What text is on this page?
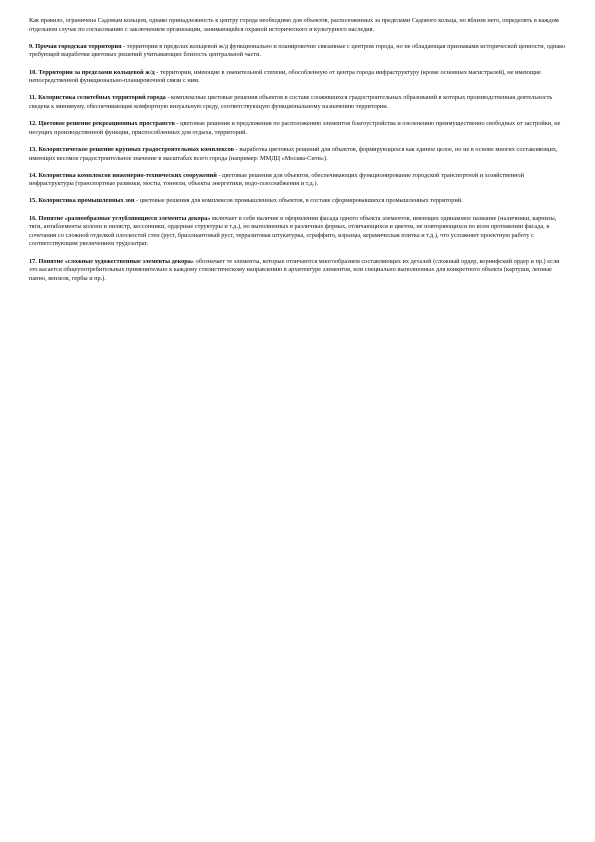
Как правило, ограничена Садовым кольцом, однако принадлежность к центру города необходимо для объектов, расположенных за пределами Садового кольца, но вблизи него, определять в каждом отдельном случае по согласованию с заключением организации, занимающейся охраной исторического и культурного наследия.

9. Прочая городская территория - территории в пределах кольцевой ж/д функционально и планировочно связанные с центром города, но не обладающая признаками исторической ценности, однако требующей выработки цветовых решений учитывающих близость центральной части.

10. Территории за пределами кольцевой ж/д - территории, имеющие в значительной степени, обособленную от центра города инфраструктуру (кроме основных магистралей), не имеющие непосредственной функционально-планировочной связи с ним.

11. Колористика селитебных территорий города - комплексные цветовые решения объектов в составе сложившихся градостроительных образований в которых производственная деятельность сведена к минимуму, обеспечивающие комфортную визуальную среду, соответствующую функциональному назначению территории.

12. Цветовое решение рекреационных пространств - цветовые решения и предложения по расположению элементов благоустройства и озеленению преимущественно свободных от застройки, не несущих производственной функции, приспособленных для отдыха, территорий.

13. Колористическое решение крупных градостроительных комплексов - выработка цветовых решений для объектов, формирующихся как единое целое, но не в основе многих составляющих, имеющих весомое градостроительное значение в масштабах всего города (например: ММДЦ «Москва-Сити»).

14. Колористика комплексов инженерно-технических сооружений - цветовые решения для объектов, обеспечивающих функционирование городской транспортной и хозяйственной инфраструктуры (транспортные развязки, мосты, тоннели, объекты энергетики, водо-газоснабжения и т.д.).

15. Колористика промышленных зон - цветовые решения для комплексов промышленных объектов, в составе сформировавшихся промышленных территорий.

16. Понятие «разнообразные углубляющиеся элементы декора» включает в себя наличие в оформлении фасада одного объекта элементов, имеющих одинаковое название (наличники, карнизы, тяги, антаблементы колонн и пилястр, кессонники, ордерные структуры и т.д.), но выполненных в различных формах, отличающихся и цветом, не повторяющихся по всем протяжении фасада, в сочетании со сложной отделкой плоскостей стен (руст, бриллиантовый руст, терразитовая штукатурка, сграффито, изразцы, керамическая плитка и т.д.), что усложняет проектную работу с соответствующим увеличением трудозатрат.

17. Понятие «сложные художественные элементы декора» обозначает те элементы, которые отличаются многообразием составляющих их деталей (сложный ордер, коринфский ордер и пр.) если это касается общеупотребительных применительно к каждому стилистическому направлению в архитектуре элементов, или специально выполненных для конкретного объекта (картуши, лепные панно, вензеля, гербы и пр.).
